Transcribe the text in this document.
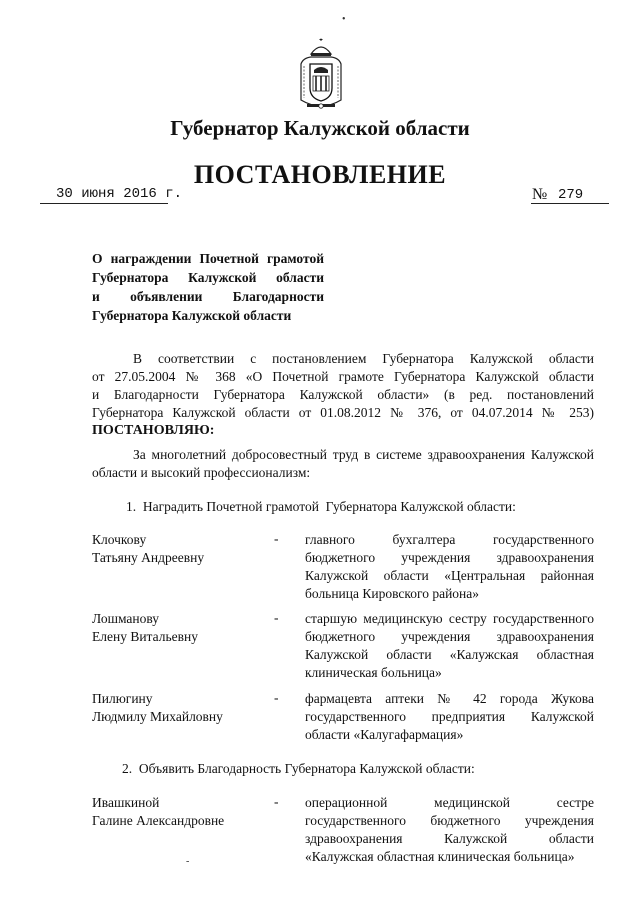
Губернатор Калужской области
ПОСТАНОВЛЕНИЕ
30 июня 2016 г.	№ 279
О награждении Почетной грамотой
Губернатора Калужской области
и объявлении Благодарности
Губернатора Калужской области
В соответствии с постановлением Губернатора Калужской области
от 27.05.2004 № 368 «О Почетной грамоте Губернатора Калужской области
и Благодарности Губернатора Калужской области» (в ред. постановлений
Губернатора Калужской области от 01.08.2012 № 376, от 04.07.2014 № 253)
ПОСТАНОВЛЯЮ:
За многолетний добросовестный труд в системе здравоохранения Калужской
области и высокий профессионализм:
1.  Наградить Почетной грамотой  Губернатора Калужской области:
Клочкову
Татьяну Андреевну
- главного бухгалтера государственного
бюджетного учреждения здравоохранения
Калужской области «Центральная районная
больница Кировского района»
Лошманову
Елену Витальевну
- старшую медицинскую сестру государственного
бюджетного учреждения здравоохранения
Калужской области «Калужская областная
клиническая больница»
Пилюгину
Людмилу Михайловну
- фармацевта аптеки № 42 города Жукова
государственного предприятия Калужской
области «Калугафармация»
2.  Объявить Благодарность Губернатора Калужской области:
Ивашкиной
Галине Александровне
- операционной медицинской сестре
государственного бюджетного учреждения
здравоохранения Калужской области
«Калужская областная клиническая больница»
•
-
